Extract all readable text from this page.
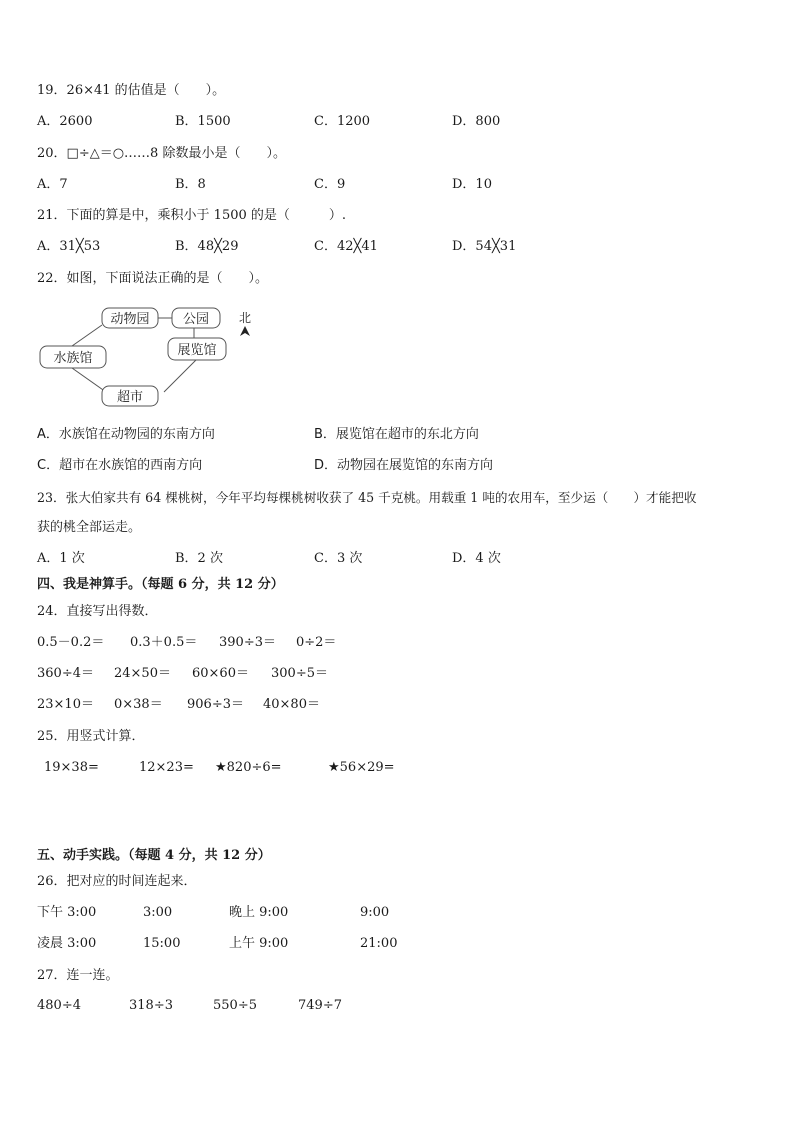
19．26×41 的估值是（　　）。
A．2600	B．1500	C．1200	D．800
20．□÷△＝○……8 除数最小是（　　）。
A．7	B．8	C．9	D．10
21．下面的算是中，乘积小于 1500 的是（　　　）.
A．31╳53	B．48╳29	C．42╳41	D．54╳31
22．如图，下面说法正确的是（　　）。
动物园	公园
展览馆
水族馆
超市
北
A．水族馆在动物园的东南方向	B．展览馆在超市的东北方向
C．超市在水族馆的西南方向	D．动物园在展览馆的东南方向
23．张大伯家共有 64 棵桃树，今年平均每棵桃树收获了 45 千克桃。用载重 1 吨的农用车，至少运（　　）才能把收
获的桃全部运走。
A．1 次	B．2 次	C．3 次	D．4 次
四、我是神算手。（每题 6 分，共 12 分）
24．直接写出得数．
0.5－0.2＝ 0.3＋0.5＝ 390÷3＝ 0÷2＝
360÷4＝ 24×50＝ 60×60＝ 300÷5＝
23×10＝ 0×38＝ 906÷3＝ 40×80＝
25．用竖式计算．
19×38=	12×23= ★820÷6=	★56×29=
五、动手实践。（每题 4 分，共 12 分）
26．把对应的时间连起来．
下午 3:00	3:00	晚上 9:00	9:00
凌晨 3:00	15:00	上午 9:00	21:00
27．连一连。
480÷4	318÷3	550÷5	749÷7
